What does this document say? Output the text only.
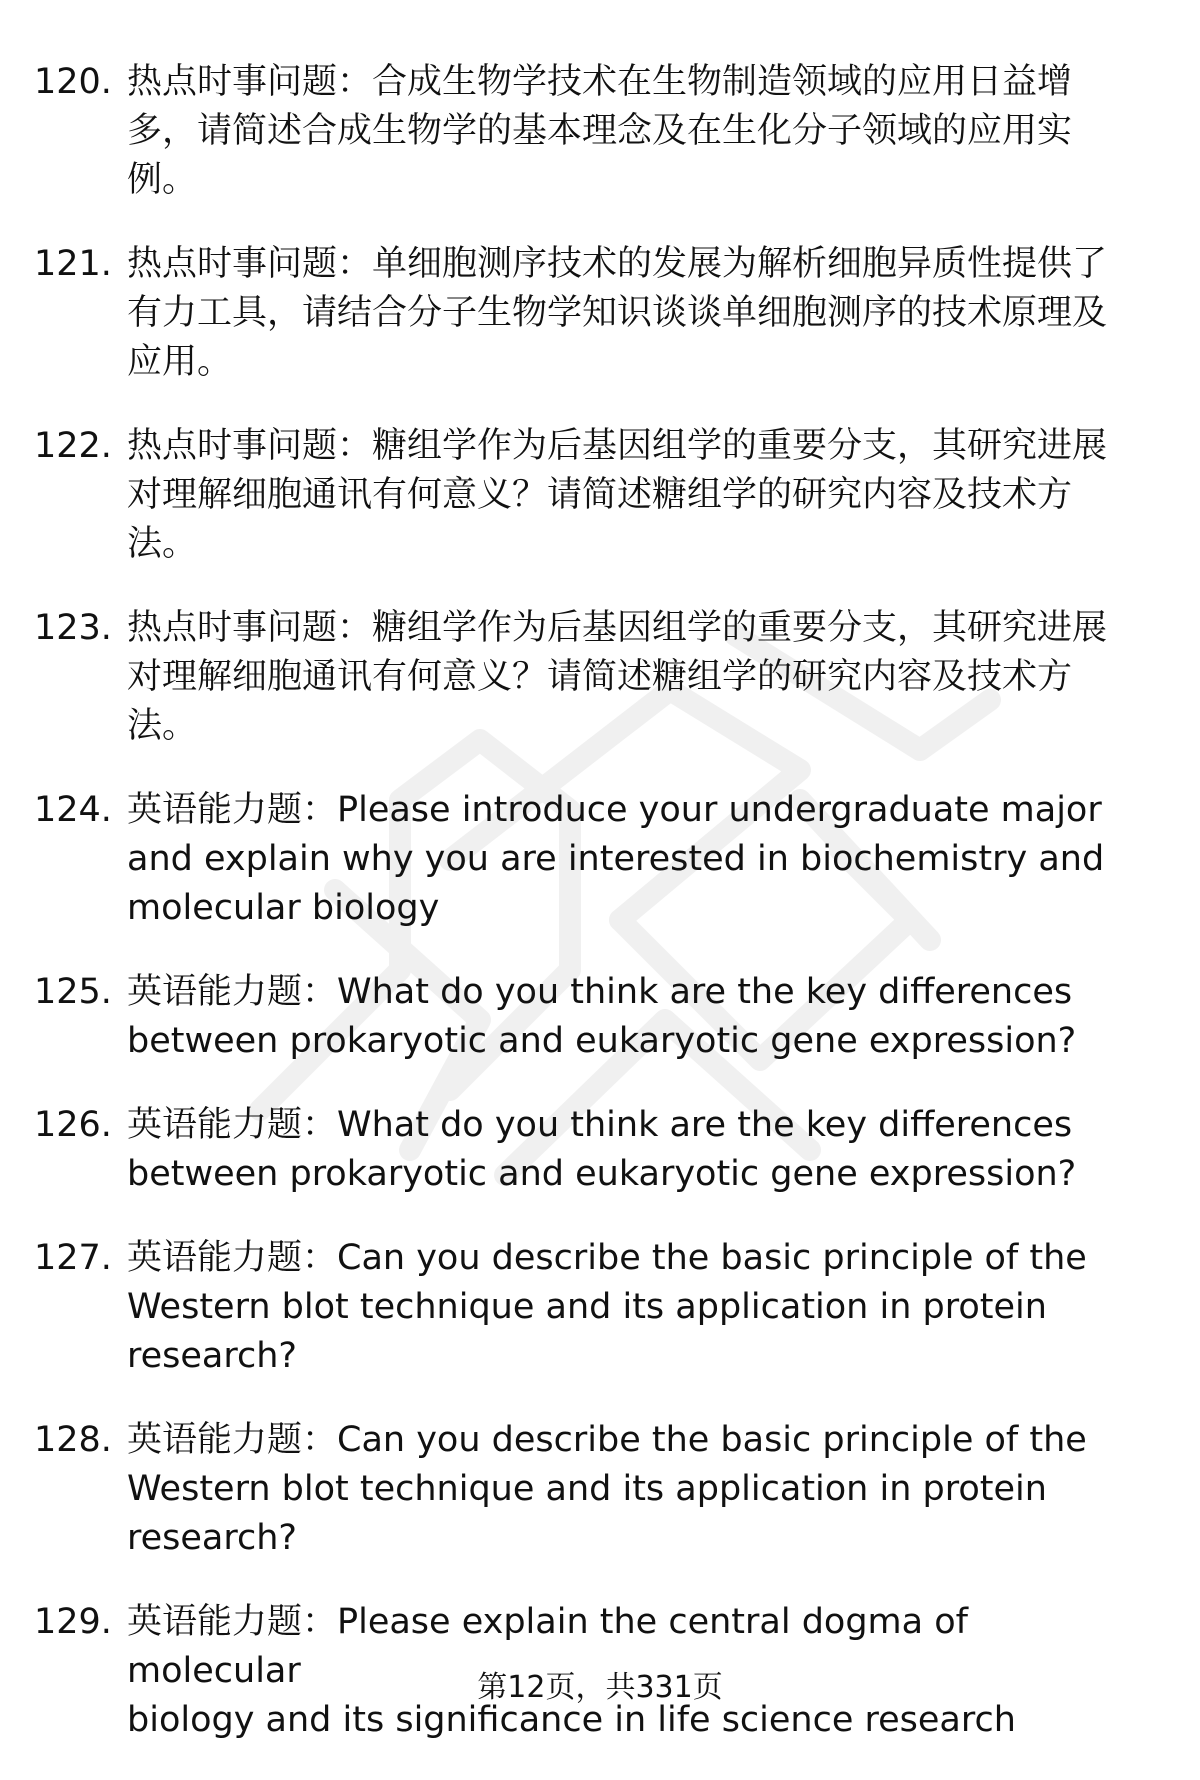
120. 热点时事问题：合成生物学技术在生物制造领域的应用日益增
多，请简述合成生物学的基本理念及在生化分子领域的应用实
例。
121. 热点时事问题：单细胞测序技术的发展为解析细胞异质性提供了
有力工具，请结合分子生物学知识谈谈单细胞测序的技术原理及
应用。
122. 热点时事问题：糖组学作为后基因组学的重要分支，其研究进展
对理解细胞通讯有何意义？请简述糖组学的研究内容及技术方
法。
123. 热点时事问题：糖组学作为后基因组学的重要分支，其研究进展
对理解细胞通讯有何意义？请简述糖组学的研究内容及技术方
法。
124. 英语能力题：Please introduce your undergraduate major
and explain why you are interested in biochemistry and
molecular biology
125. 英语能力题：What do you think are the key differences
between prokaryotic and eukaryotic gene expression?
126. 英语能力题：What do you think are the key differences
between prokaryotic and eukaryotic gene expression?
127. 英语能力题：Can you describe the basic principle of the
Western blot technique and its application in protein
research?
128. 英语能力题：Can you describe the basic principle of the
Western blot technique and its application in protein
research?
129. 英语能力题：Please explain the central dogma of molecular
biology and its significance in life science research
第12页，共331页
